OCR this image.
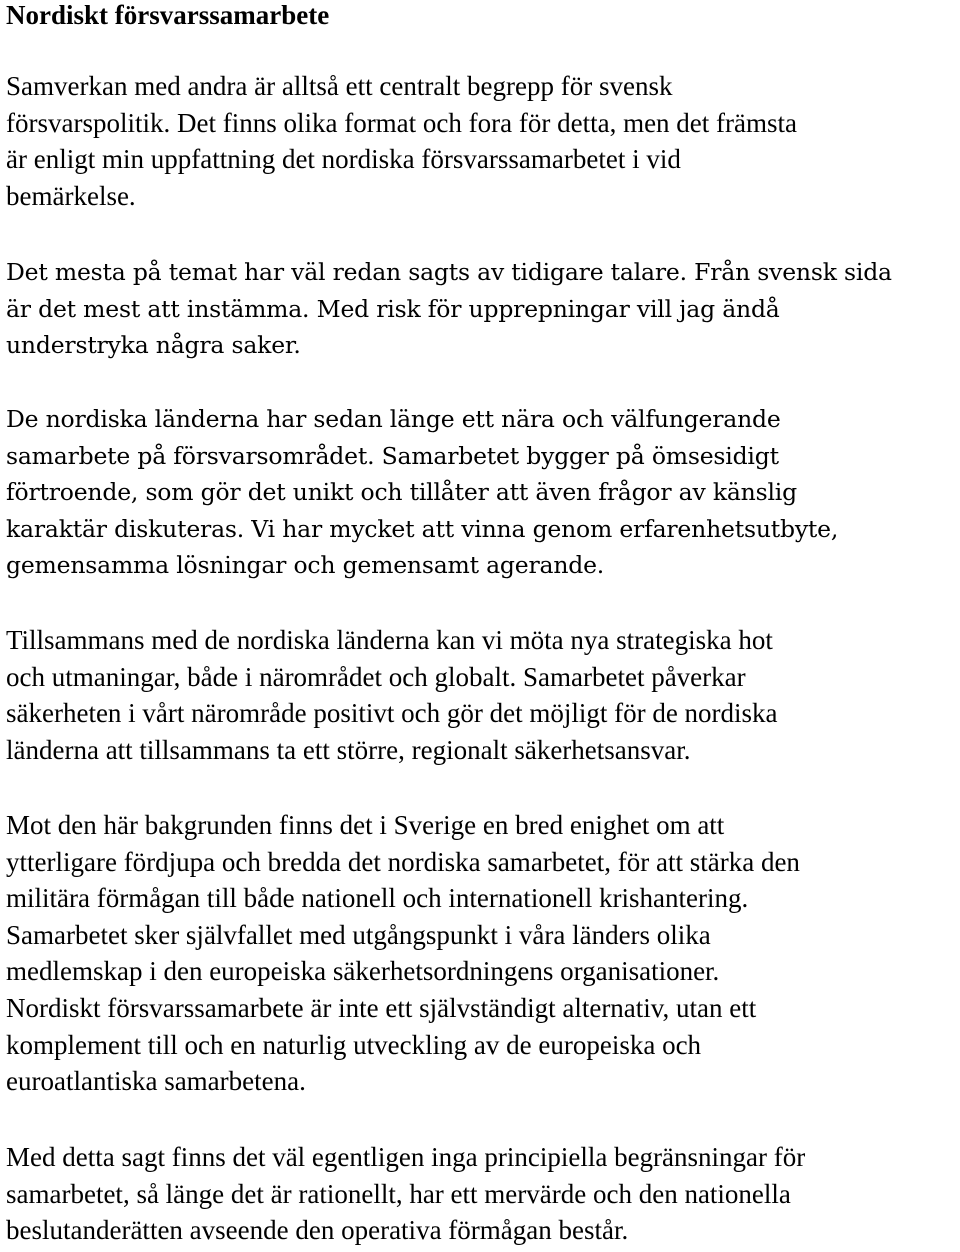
Nordiskt försvarssamarbete

Samverkan med andra är alltså ett centralt begrepp för svensk
försvarspolitik. Det finns olika format och fora för detta, men det främsta
är enligt min uppfattning det nordiska försvarssamarbetet i vid
bemärkelse.

Det mesta på temat har väl redan sagts av tidigare talare. Från svensk sida
är det mest att instämma. Med risk för upprepningar vill jag ändå
understryka några saker.

De nordiska länderna har sedan länge ett nära och välfungerande
samarbete på försvarsområdet. Samarbetet bygger på ömsesidigt
förtroende, som gör det unikt och tillåter att även frågor av känslig
karaktär diskuteras. Vi har mycket att vinna genom erfarenhetsutbyte,
gemensamma lösningar och gemensamt agerande.

Tillsammans med de nordiska länderna kan vi möta nya strategiska hot
och utmaningar, både i närområdet och globalt. Samarbetet påverkar
säkerheten i vårt närområde positivt och gör det möjligt för de nordiska
länderna att tillsammans ta ett större, regionalt säkerhetsansvar.

Mot den här bakgrunden finns det i Sverige en bred enighet om att
ytterligare fördjupa och bredda det nordiska samarbetet, för att stärka den
militära förmågan till både nationell och internationell krishantering.
Samarbetet sker självfallet med utgångspunkt i våra länders olika
medlemskap i den europeiska säkerhetsordningens organisationer.
Nordiskt försvarssamarbete är inte ett självständigt alternativ, utan ett
komplement till och en naturlig utveckling av de europeiska och
euroatlantiska samarbetena.

Med detta sagt finns det väl egentligen inga principiella begränsningar för
samarbetet, så länge det är rationellt, har ett mervärde och den nationella
beslutanderätten avseende den operativa förmågan består.
